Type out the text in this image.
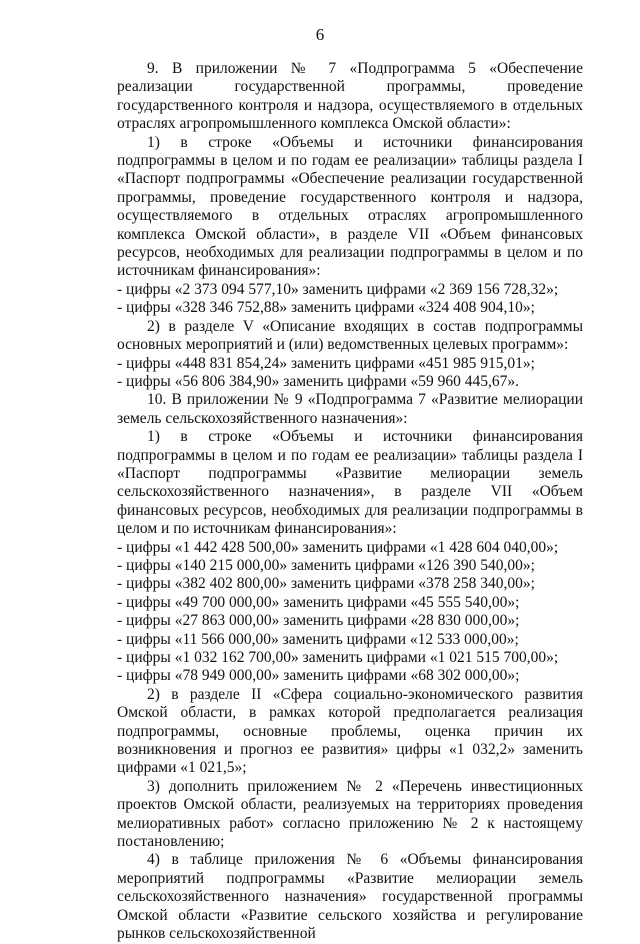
6

9. В приложении № 7 «Подпрограмма 5 «Обеспечение реализации государственной программы, проведение государственного контроля и надзора, осуществляемого в отдельных отраслях агропромышленного комплекса Омской области»:

1) в строке «Объемы и источники финансирования подпрограммы в целом и по годам ее реализации» таблицы раздела I «Паспорт подпрограммы «Обеспечение реализации государственной программы, проведение государственного контроля и надзора, осуществляемого в отдельных отраслях агропромышленного комплекса Омской области», в разделе VII «Объем финансовых ресурсов, необходимых для реализации подпрограммы в целом и по источникам финансирования»:

- цифры «2 373 094 577,10» заменить цифрами «2 369 156 728,32»;

- цифры «328 346 752,88» заменить цифрами «324 408 904,10»;

2) в разделе V «Описание входящих в состав подпрограммы основных мероприятий и (или) ведомственных целевых программ»:

- цифры «448 831 854,24» заменить цифрами «451 985 915,01»;

- цифры «56 806 384,90» заменить цифрами «59 960 445,67».

10. В приложении № 9 «Подпрограмма 7 «Развитие мелиорации земель сельскохозяйственного назначения»:

1) в строке «Объемы и источники финансирования подпрограммы в целом и по годам ее реализации» таблицы раздела I «Паспорт подпрограммы «Развитие мелиорации земель сельскохозяйственного назначения», в разделе VII «Объем финансовых ресурсов, необходимых для реализации подпрограммы в целом и по источникам финансирования»:

- цифры «1 442 428 500,00» заменить цифрами «1 428 604 040,00»;

- цифры «140 215 000,00» заменить цифрами «126 390 540,00»;

- цифры «382 402 800,00» заменить цифрами «378 258 340,00»;

- цифры «49 700 000,00» заменить цифрами «45 555 540,00»;

- цифры «27 863 000,00» заменить цифрами «28 830 000,00»;

- цифры «11 566 000,00» заменить цифрами «12 533 000,00»;

- цифры «1 032 162 700,00» заменить цифрами «1 021 515 700,00»;

- цифры «78 949 000,00» заменить цифрами «68 302 000,00»;

2) в разделе II «Сфера социально-экономического развития Омской области, в рамках которой предполагается реализация подпрограммы, основные проблемы, оценка причин их возникновения и прогноз ее развития» цифры «1 032,2» заменить цифрами «1 021,5»;

3) дополнить приложением № 2 «Перечень инвестиционных проектов Омской области, реализуемых на территориях проведения мелиоративных работ» согласно приложению № 2 к настоящему постановлению;

4) в таблице приложения № 6 «Объемы финансирования мероприятий подпрограммы «Развитие мелиорации земель сельскохозяйственного назначения» государственной программы Омской области «Развитие сельского хозяйства и регулирование рынков сельскохозяйственной
